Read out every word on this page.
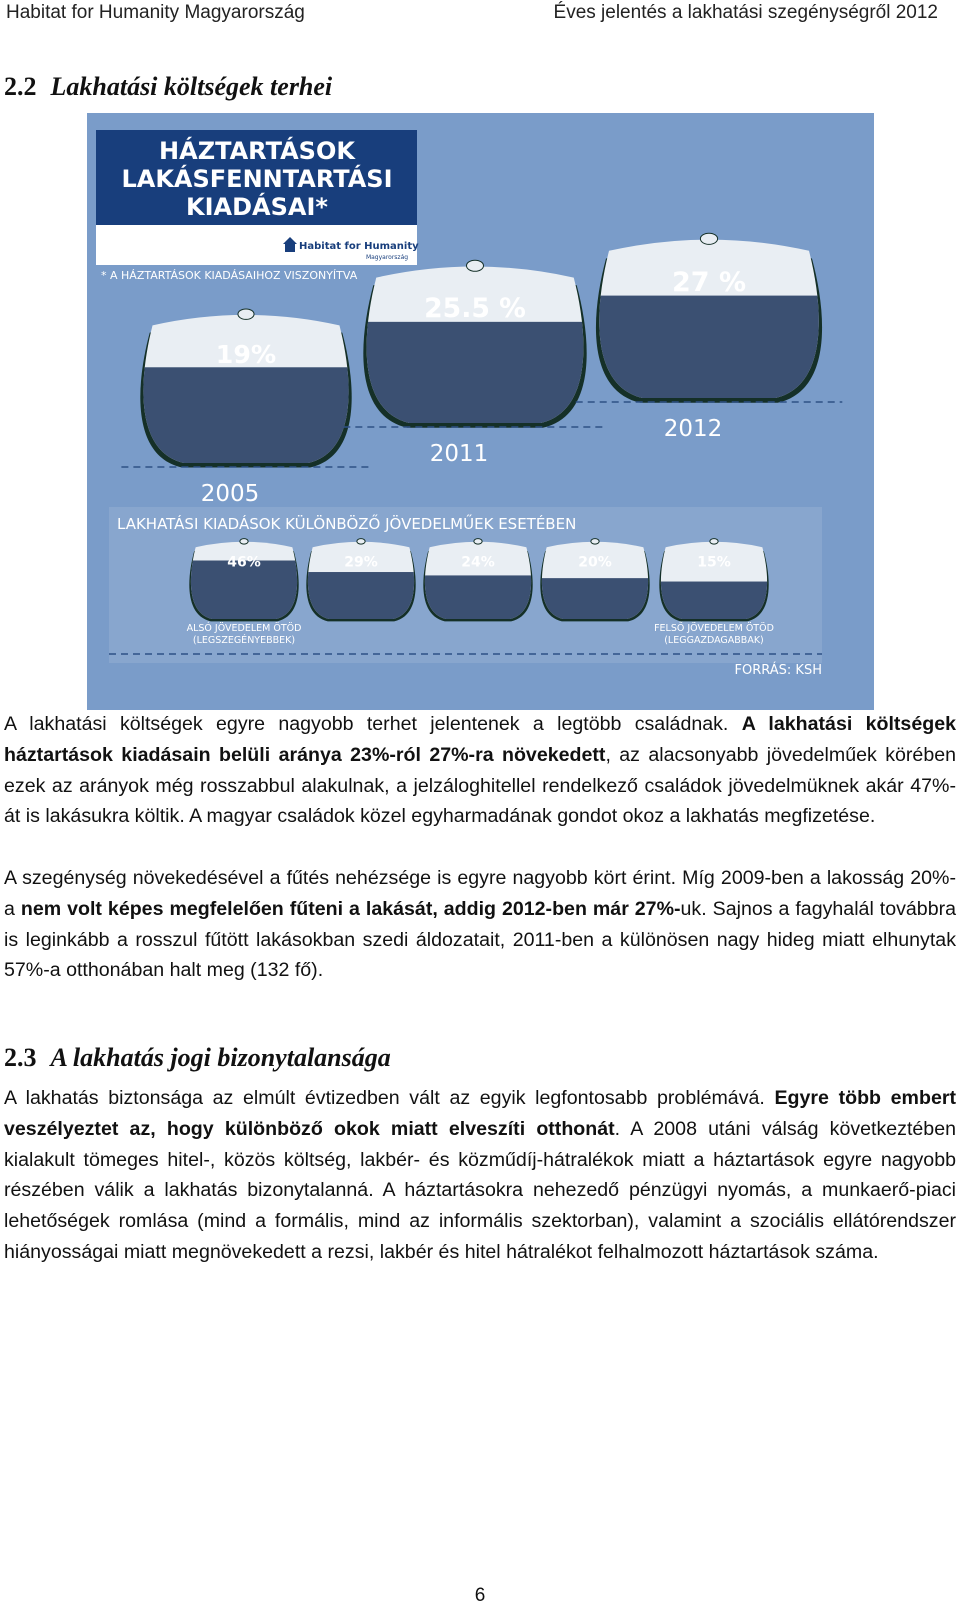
Habitat for Humanity Magyarország	Éves jelentés a lakhatási szegénységről 2012
2.2 Lakhatási költségek terhei
HÁZTARTÁSOK
LAKÁSFENNTARTÁSI
KIADÁSAI*
Habitat for Humanity
Magyarország
* A HÁZTARTÁSOK KIADÁSAIHOZ VISZONYÍTVA
19%
2005
25.5 %
2011
27 %
2012
LAKHATÁSI KIADÁSOK KÜLÖNBÖZŐ JÖVEDELMŰEK ESETÉBEN
46%	29%	24%	20%	15%
ALSÓ JÖVEDELEM ÖTÖD
(LEGSZEGÉNYEBBEK)
FELSŐ JÖVEDELEM ÖTÖD
(LEGGAZDAGABBAK)
FORRÁS: KSH
A lakhatási költségek egyre nagyobb terhet jelentenek a legtöbb családnak. A lakhatási költségek háztartások kiadásain belüli aránya 23%-ról 27%-ra növekedett, az alacsonyabb jövedelműek körében ezek az arányok még rosszabbul alakulnak, a jelzáloghitellel rendelkező családok jövedelmüknek akár 47%-át is lakásukra költik. A magyar családok közel egyharmadának gondot okoz a lakhatás megfizetése.
A szegénység növekedésével a fűtés nehézsége is egyre nagyobb kört érint. Míg 2009-ben a lakosság 20%-a nem volt képes megfelelően fűteni a lakását, addig 2012-ben már 27%-uk. Sajnos a fagyhalál továbbra is leginkább a rosszul fűtött lakásokban szedi áldozatait, 2011-ben a különösen nagy hideg miatt elhunytak 57%-a otthonában halt meg (132 fő).
2.3 A lakhatás jogi bizonytalansága
A lakhatás biztonsága az elmúlt évtizedben vált az egyik legfontosabb problémává. Egyre több embert veszélyeztet az, hogy különböző okok miatt elveszíti otthonát. A 2008 utáni válság következtében kialakult tömeges hitel-, közös költség, lakbér- és közműdíj-hátralékok miatt a háztartások egyre nagyobb részében válik a lakhatás bizonytalanná. A háztartásokra nehezedő pénzügyi nyomás, a munkaerő-piaci lehetőségek romlása (mind a formális, mind az informális szektorban), valamint a szociális ellátórendszer hiányosságai miatt megnövekedett a rezsi, lakbér és hitel hátralékot felhalmozott háztartások száma.
6
